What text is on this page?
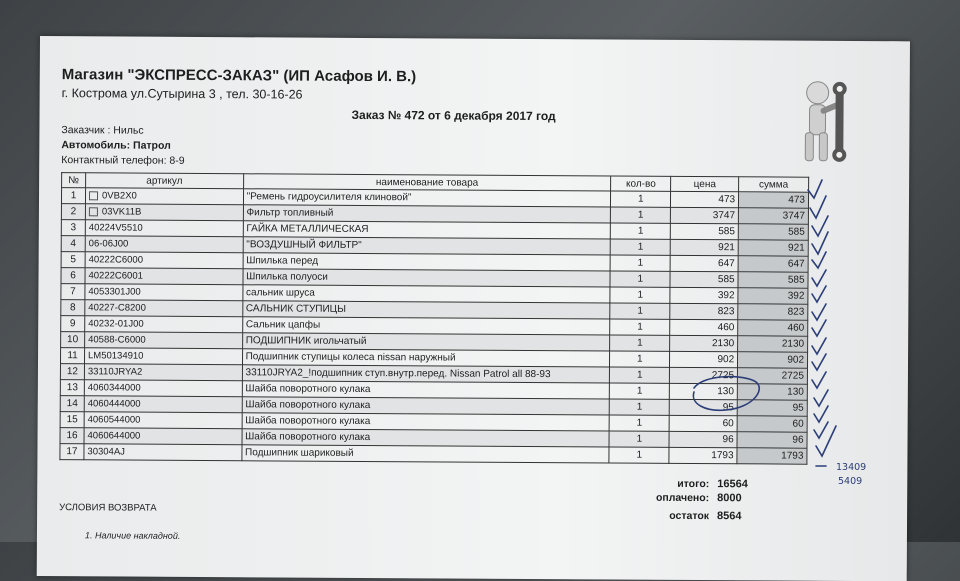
Магазин "ЭКСПРЕСС-ЗАКАЗ" (ИП Асафов И. В.)
г. Кострома ул.Сутырина 3 , тел. 30-16-26
Заказ № 472 от 6 декабря 2017 год
Заказчик : Нильс
Автомобиль: Патрол
Контактный телефон: 8-9
№	артикул	наименование товара	кол-во	цена	сумма
1	0VB2X0	"Ремень гидроусилителя клиновой"	1	473	473
2	03VK11B	Фильтр топливный	1	3747	3747
3	40224V5510	ГАЙКА МЕТАЛЛИЧЕСКАЯ	1	585	585
4	06-06J00	"ВОЗДУШНЫЙ ФИЛЬТР"	1	921	921
5	40222C6000	Шпилька перед	1	647	647
6	40222C6001	Шпилька полуоси	1	585	585
7	4053301J00	сальник шруса	1	392	392
8	40227-C8200	САЛЬНИК СТУПИЦЫ	1	823	823
9	40232-01J00	Сальник цапфы	1	460	460
10	40588-C6000	ПОДШИПНИК игольчатый	1	2130	2130
11	LM50134910	Подшипник ступицы колеса nissan наружный	1	902	902
12	33110JRYA2	33110JRYA2_!подшипник ступ.внутр.перед. Nissan Patrol all 88-93	1	2725	2725
13	4060344000	Шайба поворотного кулака	1	130	130
14	4060444000	Шайба поворотного кулака	1	95	95
15	4060544000	Шайба поворотного кулака	1	60	60
16	4060644000	Шайба поворотного кулака	1	96	96
17	30304AJ	Подшипник шариковый	1	1793	1793
итого: 16564
оплачено: 8000
остаток 8564
УСЛОВИЯ ВОЗВРАТА
1. Наличие накладной.
13409
5409
